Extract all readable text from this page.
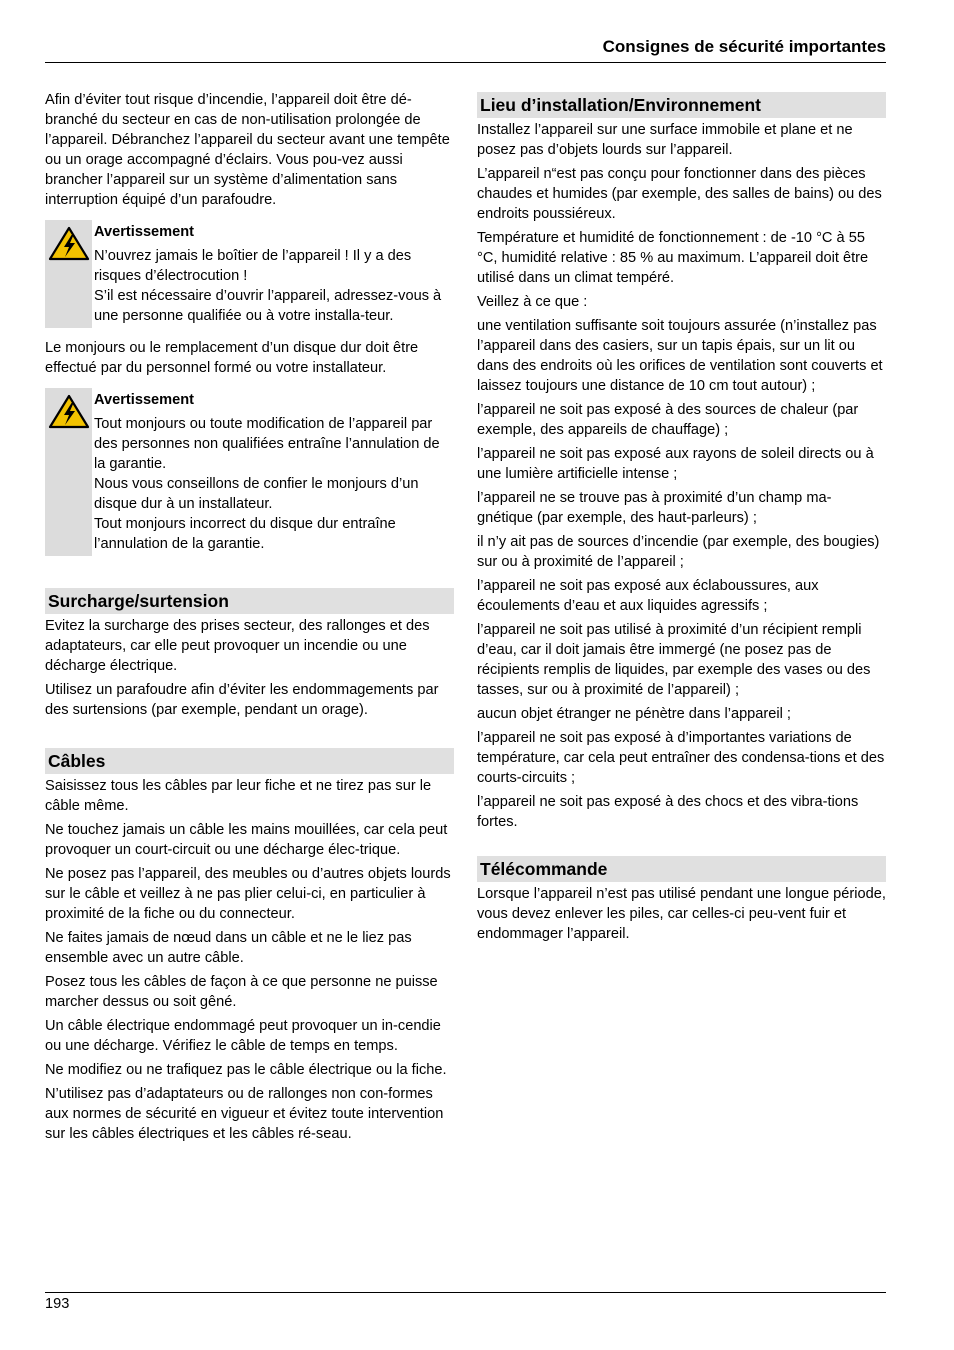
Consignes de sécurité importantes

Afin d’éviter tout risque d’incendie, l’appareil doit être dé-branché du secteur en cas de non-utilisation prolongée de l’appareil. Débranchez l’appareil du secteur avant une tempête ou un orage accompagné d’éclairs. Vous pou-vez aussi brancher l’appareil sur un système d’alimentation sans interruption équipé d’un parafoudre.

Avertissement
N’ouvrez jamais le boîtier de l’appareil ! Il y a des risques d’électrocution !
S’il est nécessaire d’ouvrir l’appareil, adressez-vous à une personne qualifiée ou à votre installa-teur.

Le monjours ou le remplacement d’un disque dur doit être effectué par du personnel formé ou votre installateur.

Avertissement
Tout monjours ou toute modification de l’appareil par des personnes non qualifiées entraîne l’annulation de la garantie.
Nous vous conseillons de confier le monjours d’un disque dur à un installateur.
Tout monjours incorrect du disque dur entraîne l’annulation de la garantie.
Surcharge/surtension

Evitez la surcharge des prises secteur, des rallonges et des adaptateurs, car elle peut provoquer un incendie ou une décharge électrique.

Utilisez un parafoudre afin d’éviter les endommagements par des surtensions (par exemple, pendant un orage).

Câbles

Saisissez tous les câbles par leur fiche et ne tirez pas sur le câble même.

Ne touchez jamais un câble les mains mouillées, car cela peut provoquer un court-circuit ou une décharge élec-trique.

Ne posez pas l’appareil, des meubles ou d’autres objets lourds sur le câble et veillez à ne pas plier celui-ci, en particulier à proximité de la fiche ou du connecteur.

Ne faites jamais de nœud dans un câble et ne le liez pas ensemble avec un autre câble.

Posez tous les câbles de façon à ce que personne ne puisse marcher dessus ou soit gêné.

Un câble électrique endommagé peut provoquer un in-cendie ou une décharge. Vérifiez le câble de temps en temps.

Ne modifiez ou ne trafiquez pas le câble électrique ou la fiche.

N’utilisez pas d’adaptateurs ou de rallonges non con-formes aux normes de sécurité en vigueur et évitez toute intervention sur les câbles électriques et les câbles ré-seau.

Lieu d’installation/Environnement

Installez l’appareil sur une surface immobile et plane et ne posez pas d’objets lourds sur l’appareil.

L’appareil n“est pas conçu pour fonctionner dans des pièces chaudes et humides (par exemple, des salles de bains) ou des endroits poussiéreux.

Température et humidité de fonctionnement : de -10 °C à 55 °C, humidité relative : 85 % au maximum. L’appareil doit être utilisé dans un climat tempéré.

Veillez à ce que :

une ventilation suffisante soit toujours assurée (n’installez pas l’appareil dans des casiers, sur un tapis épais, sur un lit ou dans des endroits où les orifices de ventilation sont couverts et laissez toujours une distance de 10 cm tout autour) ;

l’appareil ne soit pas exposé à des sources de chaleur (par exemple, des appareils de chauffage) ;

l’appareil ne soit pas exposé aux rayons de soleil directs ou à une lumière artificielle intense ;

l’appareil ne se trouve pas à proximité d’un champ ma-gnétique (par exemple, des haut-parleurs) ;

il n’y ait pas de sources d’incendie (par exemple, des bougies) sur ou à proximité de l’appareil ;

l’appareil ne soit pas exposé aux éclaboussures, aux écoulements d’eau et aux liquides agressifs ;

l’appareil ne soit pas utilisé à proximité d’un récipient rempli d’eau, car il doit jamais être immergé (ne posez pas de récipients remplis de liquides, par exemple des vases ou des tasses, sur ou à proximité de l’appareil) ;

aucun objet étranger ne pénètre dans l’appareil ;

l’appareil ne soit pas exposé à d’importantes variations de température, car cela peut entraîner des condensa-tions et des courts-circuits ;

l’appareil ne soit pas exposé à des chocs et des vibra-tions fortes.

Télécommande

Lorsque l’appareil n’est pas utilisé pendant une longue période, vous devez enlever les piles, car celles-ci peu-vent fuir et endommager l’appareil.

193
